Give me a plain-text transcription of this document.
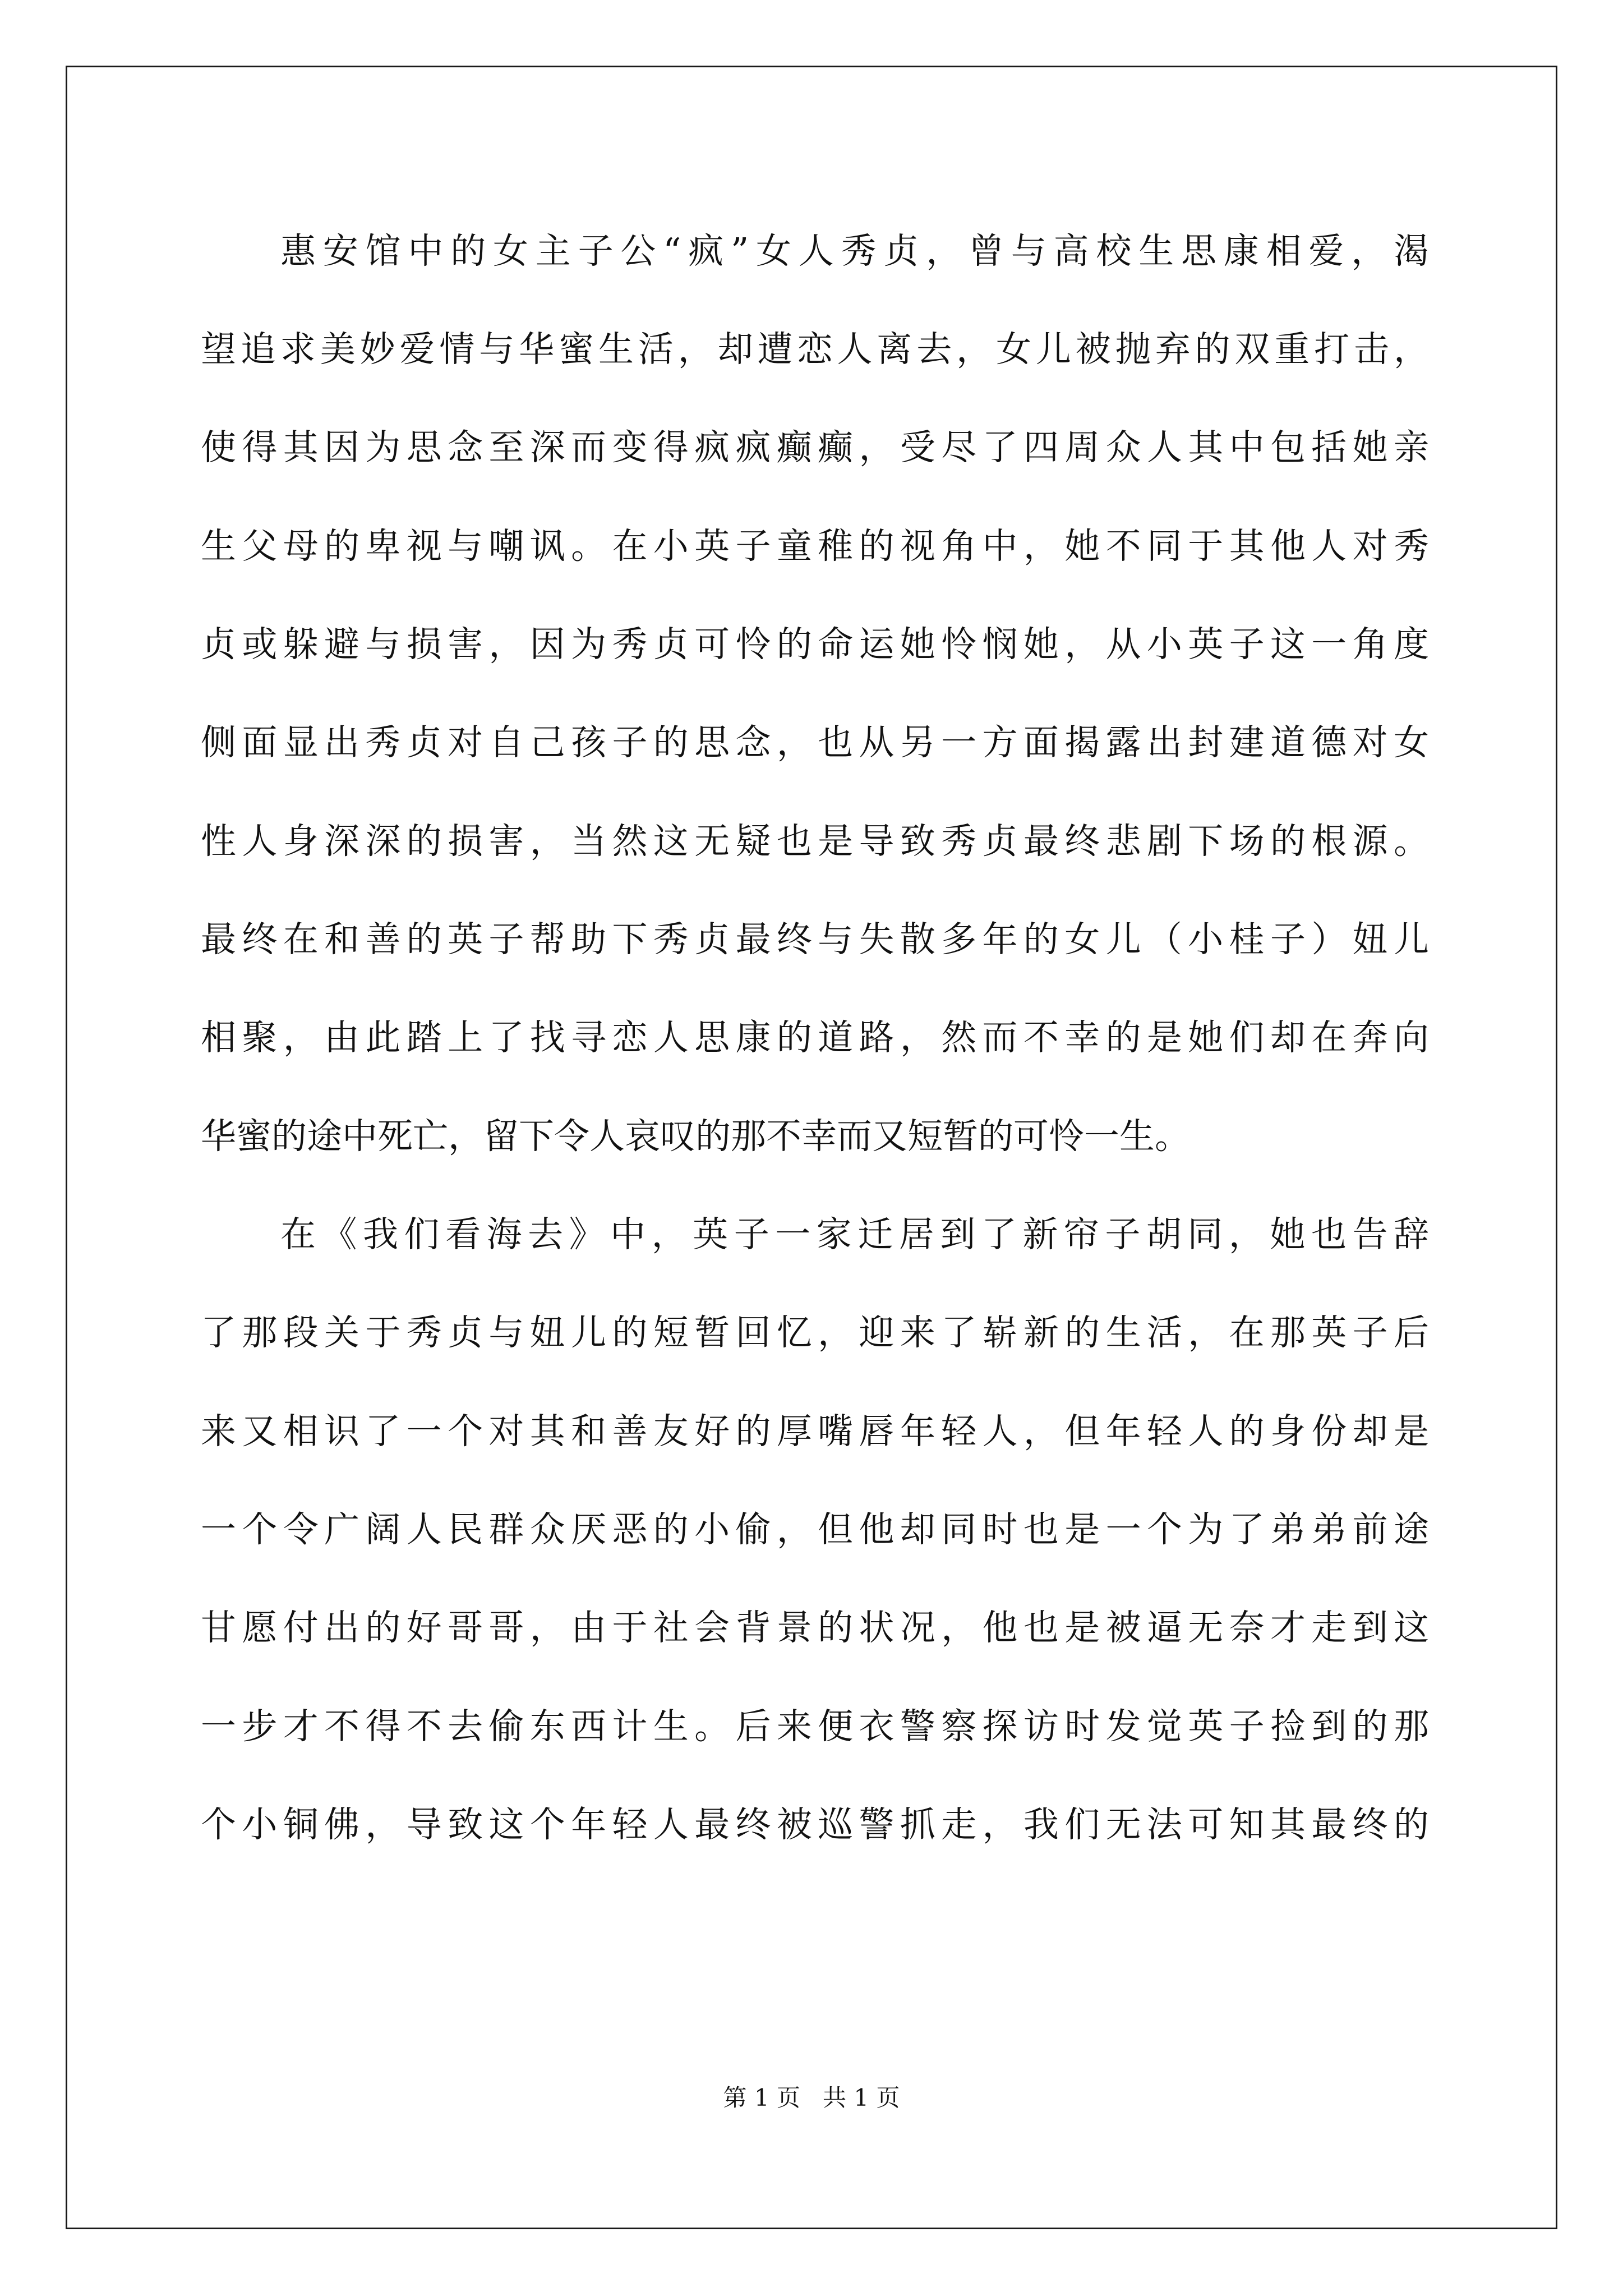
惠安馆中的女主子公“疯”女人秀贞，曾与高校生思康相爱，渴
望追求美妙爱情与华蜜生活，却遭恋人离去，女儿被抛弃的双重打击，
使得其因为思念至深而变得疯疯癫癫，受尽了四周众人其中包括她亲
生父母的卑视与嘲讽。在小英子童稚的视角中，她不同于其他人对秀
贞或躲避与损害，因为秀贞可怜的命运她怜悯她，从小英子这一角度
侧面显出秀贞对自己孩子的思念，也从另一方面揭露出封建道德对女
性人身深深的损害，当然这无疑也是导致秀贞最终悲剧下场的根源。
最终在和善的英子帮助下秀贞最终与失散多年的女儿（小桂子）妞儿
相聚，由此踏上了找寻恋人思康的道路，然而不幸的是她们却在奔向
华蜜的途中死亡，留下令人哀叹的那不幸而又短暂的可怜一生。
在《我们看海去》中，英子一家迁居到了新帘子胡同，她也告辞
了那段关于秀贞与妞儿的短暂回忆，迎来了崭新的生活，在那英子后
来又相识了一个对其和善友好的厚嘴唇年轻人，但年轻人的身份却是
一个令广阔人民群众厌恶的小偷，但他却同时也是一个为了弟弟前途
甘愿付出的好哥哥，由于社会背景的状况，他也是被逼无奈才走到这
一步才不得不去偷东西计生。后来便衣警察探访时发觉英子捡到的那
个小铜佛，导致这个年轻人最终被巡警抓走，我们无法可知其最终的
第 1 页 共 1 页
